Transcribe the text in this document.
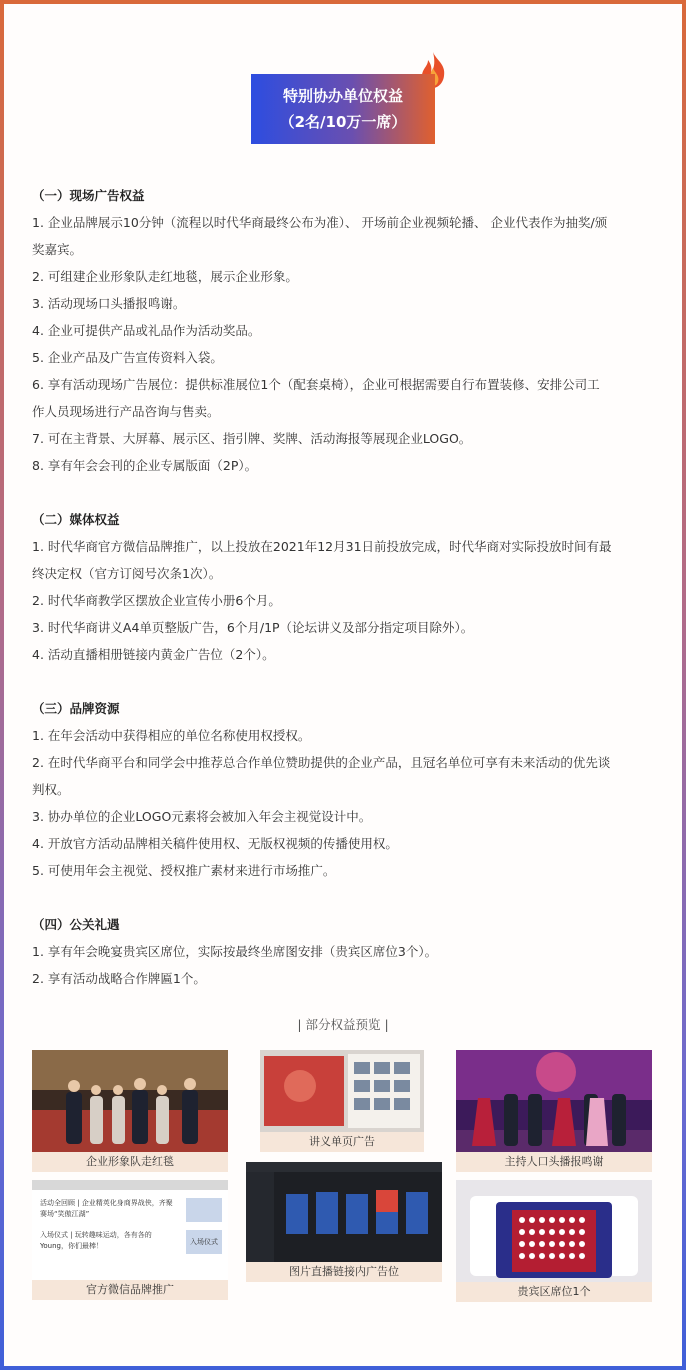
特别协办单位权益
（2名/10万一席）

（一）现场广告权益

1. 企业品牌展示10分钟（流程以时代华商最终公布为准）、 开场前企业视频轮播、 企业代表作为抽奖/颁

奖嘉宾。

2. 可组建企业形象队走红地毯，展示企业形象。

3. 活动现场口头播报鸣谢。

4. 企业可提供产品或礼品作为活动奖品。

5. 企业产品及广告宣传资料入袋。

6. 享有活动现场广告展位：提供标准展位1个（配套桌椅），企业可根据需要自行布置装修、安排公司工

作人员现场进行产品咨询与售卖。

7. 可在主背景、大屏幕、展示区、指引牌、奖牌、活动海报等展现企业LOGO。

8. 享有年会会刊的企业专属版面（2P）。

（二）媒体权益

1. 时代华商官方微信品牌推广，以上投放在2021年12月31日前投放完成，时代华商对实际投放时间有最

终决定权（官方订阅号次条1次）。

2. 时代华商教学区摆放企业宣传小册6个月。

3. 时代华商讲义A4单页整版广告，6个月/1P（论坛讲义及部分指定项目除外）。

4. 活动直播相册链接内黄金广告位（2个）。

（三）品牌资源

1. 在年会活动中获得相应的单位名称使用权授权。

2. 在时代华商平台和同学会中推荐总合作单位赞助提供的企业产品，且冠名单位可享有未来活动的优先谈

判权。

3. 协办单位的企业LOGO元素将会被加入年会主视觉设计中。

4. 开放官方活动品牌相关稿件使用权、无版权视频的传播使用权。

5. 可使用年会主视觉、授权推广素材来进行市场推广。

（四）公关礼遇

1. 享有年会晚宴贵宾区席位，实际按最终坐席图安排（贵宾区席位3个）。

2. 享有活动战略合作牌匾1个。

| 部分权益预览 |
企业形象队走红毯
讲义单页广告
主持人口头播报鸣谢
活动全回顾 | 企业精英化身商界战侠，齐聚赛场“笑傲江湖”
入场仪式 | 玩转趣味运动，各有各的Young，你们最棒！	入场仪式
官方微信品牌推广
图片直播链接内广告位
贵宾区席位1个
